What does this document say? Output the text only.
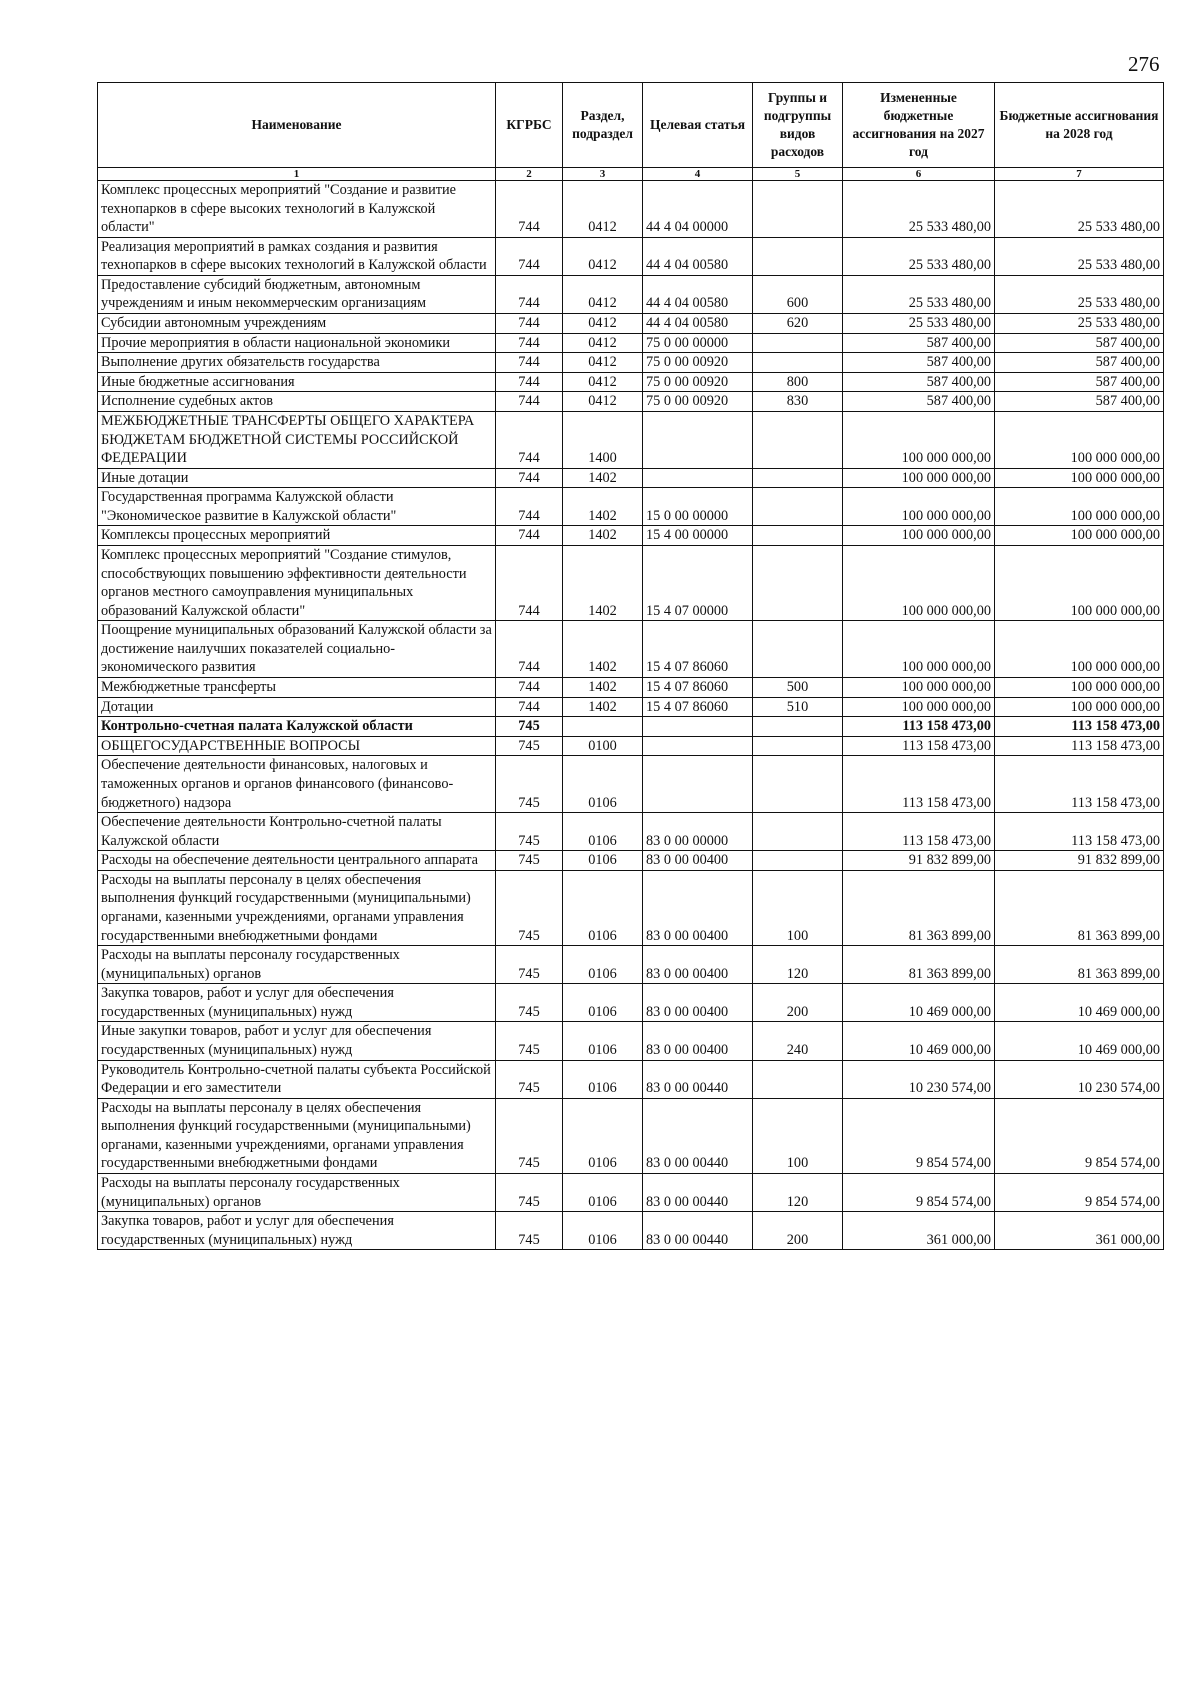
276
Наименование	КГРБС	Раздел, подраздел	Целевая статья	Группы и подгруппы видов расходов	Измененные бюджетные ассигнования на 2027 год	Бюджетные ассигнования на 2028 год
1	2	3	4	5	6	7
Комплекс процессных мероприятий "Создание и развитие технопарков в сфере высоких технологий в Калужской области"	744	0412	44 4 04 00000		25 533 480,00	25 533 480,00
Реализация мероприятий в рамках создания и развития технопарков в сфере высоких технологий в Калужской области	744	0412	44 4 04 00580		25 533 480,00	25 533 480,00
Предоставление субсидий бюджетным, автономным учреждениям и иным некоммерческим организациям	744	0412	44 4 04 00580	600	25 533 480,00	25 533 480,00
Субсидии автономным учреждениям	744	0412	44 4 04 00580	620	25 533 480,00	25 533 480,00
Прочие мероприятия в области национальной экономики	744	0412	75 0 00 00000		587 400,00	587 400,00
Выполнение других обязательств государства	744	0412	75 0 00 00920		587 400,00	587 400,00
Иные бюджетные ассигнования	744	0412	75 0 00 00920	800	587 400,00	587 400,00
Исполнение судебных актов	744	0412	75 0 00 00920	830	587 400,00	587 400,00
МЕЖБЮДЖЕТНЫЕ ТРАНСФЕРТЫ ОБЩЕГО ХАРАКТЕРА БЮДЖЕТАМ БЮДЖЕТНОЙ СИСТЕМЫ РОССИЙСКОЙ ФЕДЕРАЦИИ	744	1400			100 000 000,00	100 000 000,00
Иные дотации	744	1402			100 000 000,00	100 000 000,00
Государственная программа Калужской области "Экономическое развитие в Калужской области"	744	1402	15 0 00 00000		100 000 000,00	100 000 000,00
Комплексы процессных мероприятий	744	1402	15 4 00 00000		100 000 000,00	100 000 000,00
Комплекс процессных мероприятий "Создание стимулов, способствующих повышению эффективности деятельности органов местного самоуправления муниципальных образований Калужской области"	744	1402	15 4 07 00000		100 000 000,00	100 000 000,00
Поощрение муниципальных образований Калужской области за достижение наилучших показателей социально-экономического развития	744	1402	15 4 07 86060		100 000 000,00	100 000 000,00
Межбюджетные трансферты	744	1402	15 4 07 86060	500	100 000 000,00	100 000 000,00
Дотации	744	1402	15 4 07 86060	510	100 000 000,00	100 000 000,00
Контрольно-счетная палата Калужской области	745				113 158 473,00	113 158 473,00
ОБЩЕГОСУДАРСТВЕННЫЕ ВОПРОСЫ	745	0100			113 158 473,00	113 158 473,00
Обеспечение деятельности финансовых, налоговых и таможенных органов и органов финансового (финансово-бюджетного) надзора	745	0106			113 158 473,00	113 158 473,00
Обеспечение деятельности Контрольно-счетной палаты Калужской области	745	0106	83 0 00 00000		113 158 473,00	113 158 473,00
Расходы на обеспечение деятельности центрального аппарата	745	0106	83 0 00 00400		91 832 899,00	91 832 899,00
Расходы на выплаты персоналу в целях обеспечения выполнения функций государственными (муниципальными) органами, казенными учреждениями, органами управления государственными внебюджетными фондами	745	0106	83 0 00 00400	100	81 363 899,00	81 363 899,00
Расходы на выплаты персоналу государственных (муниципальных) органов	745	0106	83 0 00 00400	120	81 363 899,00	81 363 899,00
Закупка товаров, работ и услуг для обеспечения государственных (муниципальных) нужд	745	0106	83 0 00 00400	200	10 469 000,00	10 469 000,00
Иные закупки товаров, работ и услуг для обеспечения государственных (муниципальных) нужд	745	0106	83 0 00 00400	240	10 469 000,00	10 469 000,00
Руководитель Контрольно-счетной палаты субъекта Российской Федерации и его заместители	745	0106	83 0 00 00440		10 230 574,00	10 230 574,00
Расходы на выплаты персоналу в целях обеспечения выполнения функций государственными (муниципальными) органами, казенными учреждениями, органами управления государственными внебюджетными фондами	745	0106	83 0 00 00440	100	9 854 574,00	9 854 574,00
Расходы на выплаты персоналу государственных (муниципальных) органов	745	0106	83 0 00 00440	120	9 854 574,00	9 854 574,00
Закупка товаров, работ и услуг для обеспечения государственных (муниципальных) нужд	745	0106	83 0 00 00440	200	361 000,00	361 000,00
